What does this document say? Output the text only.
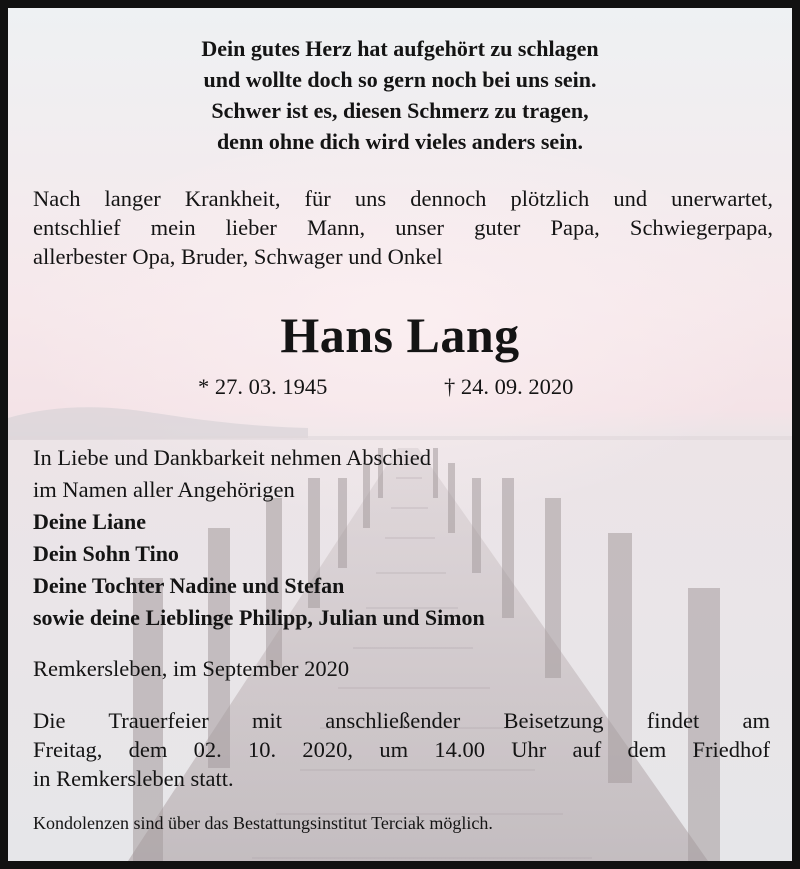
Dein gutes Herz hat aufgehört zu schlagen
und wollte doch so gern noch bei uns sein.
Schwer ist es, diesen Schmerz zu tragen,
denn ohne dich wird vieles anders sein.
Nach langer Krankheit, für uns dennoch plötzlich und unerwartet,
entschlief mein lieber Mann, unser guter Papa, Schwiegerpapa,
allerbester Opa, Bruder, Schwager und Onkel
Hans Lang
* 27. 03. 1945	† 24. 09. 2020
In Liebe und Dankbarkeit nehmen Abschied
im Namen aller Angehörigen
Deine Liane
Dein Sohn Tino
Deine Tochter Nadine und Stefan
sowie deine Lieblinge Philipp, Julian und Simon
Remkersleben, im September 2020
Die Trauerfeier mit anschließender Beisetzung findet am
Freitag, dem 02. 10. 2020, um 14.00 Uhr auf dem Friedhof
in Remkersleben statt.
Kondolenzen sind über das Bestattungsinstitut Terciak möglich.
